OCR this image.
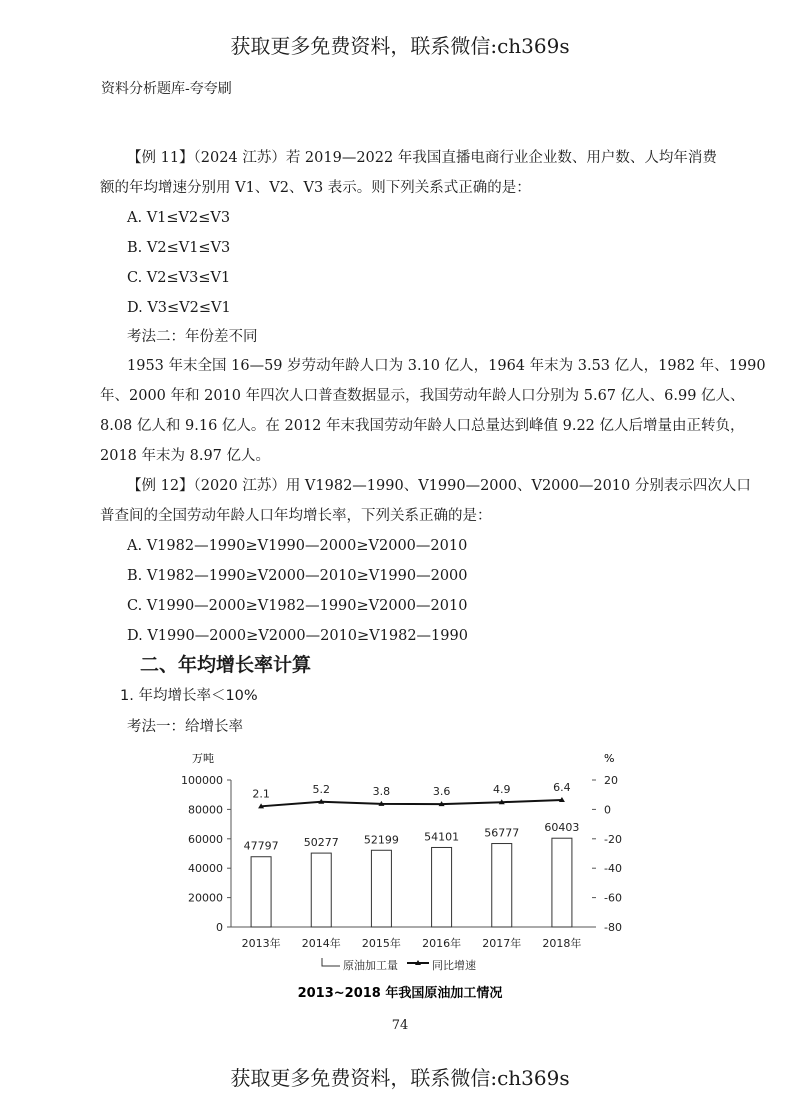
获取更多免费资料，联系微信:ch369s
资料分析题库-夸夸刷
【例 11】（2024 江苏）若 2019—2022 年我国直播电商行业企业数、用户数、人均年消费
额的年均增速分别用 V1、V2、V3 表示。则下列关系式正确的是：
A. V1≤V2≤V3
B. V2≤V1≤V3
C. V2≤V3≤V1
D. V3≤V2≤V1
考法二：年份差不同
1953 年末全国 16—59 岁劳动年龄人口为 3.10 亿人，1964 年末为 3.53 亿人，1982 年、1990
年、2000 年和 2010 年四次人口普查数据显示，我国劳动年龄人口分别为 5.67 亿人、6.99 亿人、
8.08 亿人和 9.16 亿人。在 2012 年末我国劳动年龄人口总量达到峰值 9.22 亿人后增量由正转负，
2018 年末为 8.97 亿人。
【例 12】（2020 江苏）用 V1982—1990、V1990—2000、V2000—2010 分别表示四次人口
普查间的全国劳动年龄人口年均增长率，下列关系正确的是：
A. V1982—1990≥V1990—2000≥V2000—2010
B. V1982—1990≥V2000—2010≥V1990—2000
C. V1990—2000≥V1982—1990≥V2000—2010
D. V1990—2000≥V2000—2010≥V1982—1990
二、年均增长率计算
1. 年均增长率＜10%
考法一：给增长率
万吨	%
0
20000
40000
60000
80000
100000
-80
-60
-40
-20
0
20
47797 50277 52199 54101 56777 60403
2013年 2014年 2015年 2016年 2017年 2018年
2.1	5.2	3.8	3.6	4.9	6.4
原油加工量	同比增速
2013~2018 年我国原油加工情况
74
获取更多免费资料，联系微信:ch369s
